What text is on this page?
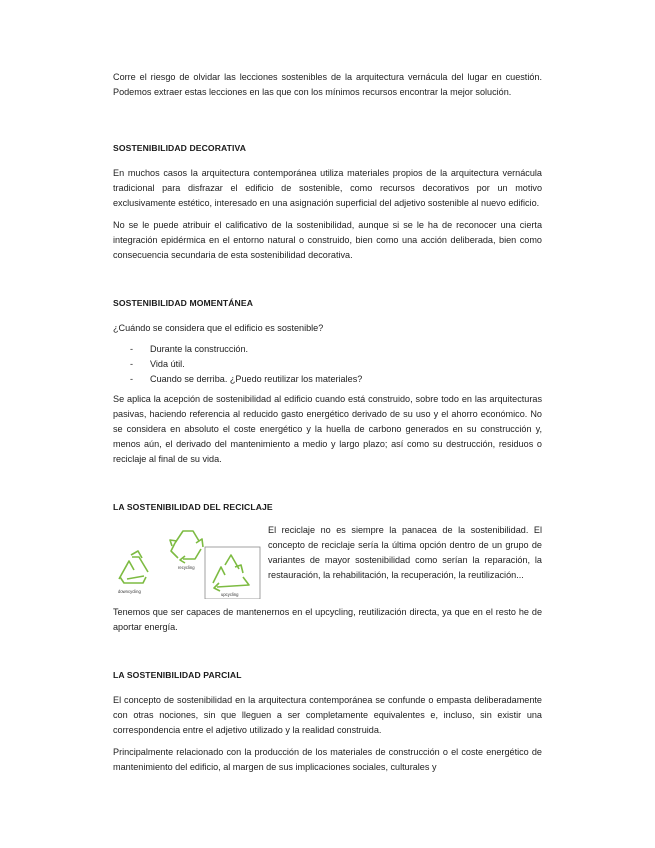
Corre el riesgo de olvidar las lecciones sostenibles de la arquitectura vernácula del lugar en cuestión. Podemos extraer estas lecciones en las que con los mínimos recursos encontrar la mejor solución.

SOSTENIBILIDAD DECORATIVA

En muchos casos la arquitectura contemporánea utiliza materiales propios de la arquitectura vernácula tradicional para disfrazar el edificio de sostenible, como recursos decorativos por un motivo exclusivamente estético, interesado en una asignación superficial del adjetivo sostenible al nuevo edificio.

No se le puede atribuir el calificativo de la sostenibilidad, aunque si se le ha de reconocer una cierta integración epidérmica en el entorno natural o construido, bien como una acción deliberada, bien como consecuencia secundaria de esta sostenibilidad decorativa.

SOSTENIBILIDAD MOMENTÁNEA

¿Cuándo se considera que el edificio es sostenible?

- Durante la construcción.
- Vida útil.
- Cuando se derriba. ¿Puedo reutilizar los materiales?

Se aplica la acepción de sostenibilidad al edificio cuando está construido, sobre todo en las arquitecturas pasivas, haciendo referencia al reducido gasto energético derivado de su uso y el ahorro económico. No se considera en absoluto el coste energético y la huella de carbono generados en su construcción y, menos aún, el derivado del mantenimiento a medio y largo plazo; así como su destrucción, residuos o reciclaje al final de su vida.

LA SOSTENIBILIDAD DEL RECICLAJE
downcycling
recycling
upcycling

El reciclaje no es siempre la panacea de la sostenibilidad. El concepto de reciclaje sería la última opción dentro de un grupo de variantes de mayor sostenibilidad como serían la reparación, la restauración, la rehabilitación, la recuperación, la reutilización...

Tenemos que ser capaces de mantenernos en el upcycling, reutilización directa, ya que en el resto he de aportar energía.

LA SOSTENIBILIDAD PARCIAL

El concepto de sostenibilidad en la arquitectura contemporánea se confunde o empasta deliberadamente con otras nociones, sin que lleguen a ser completamente equivalentes e, incluso, sin existir una correspondencia entre el adjetivo utilizado y la realidad construida.

Principalmente relacionado con la producción de los materiales de construcción o el coste energético de mantenimiento del edificio, al margen de sus implicaciones sociales, culturales y
